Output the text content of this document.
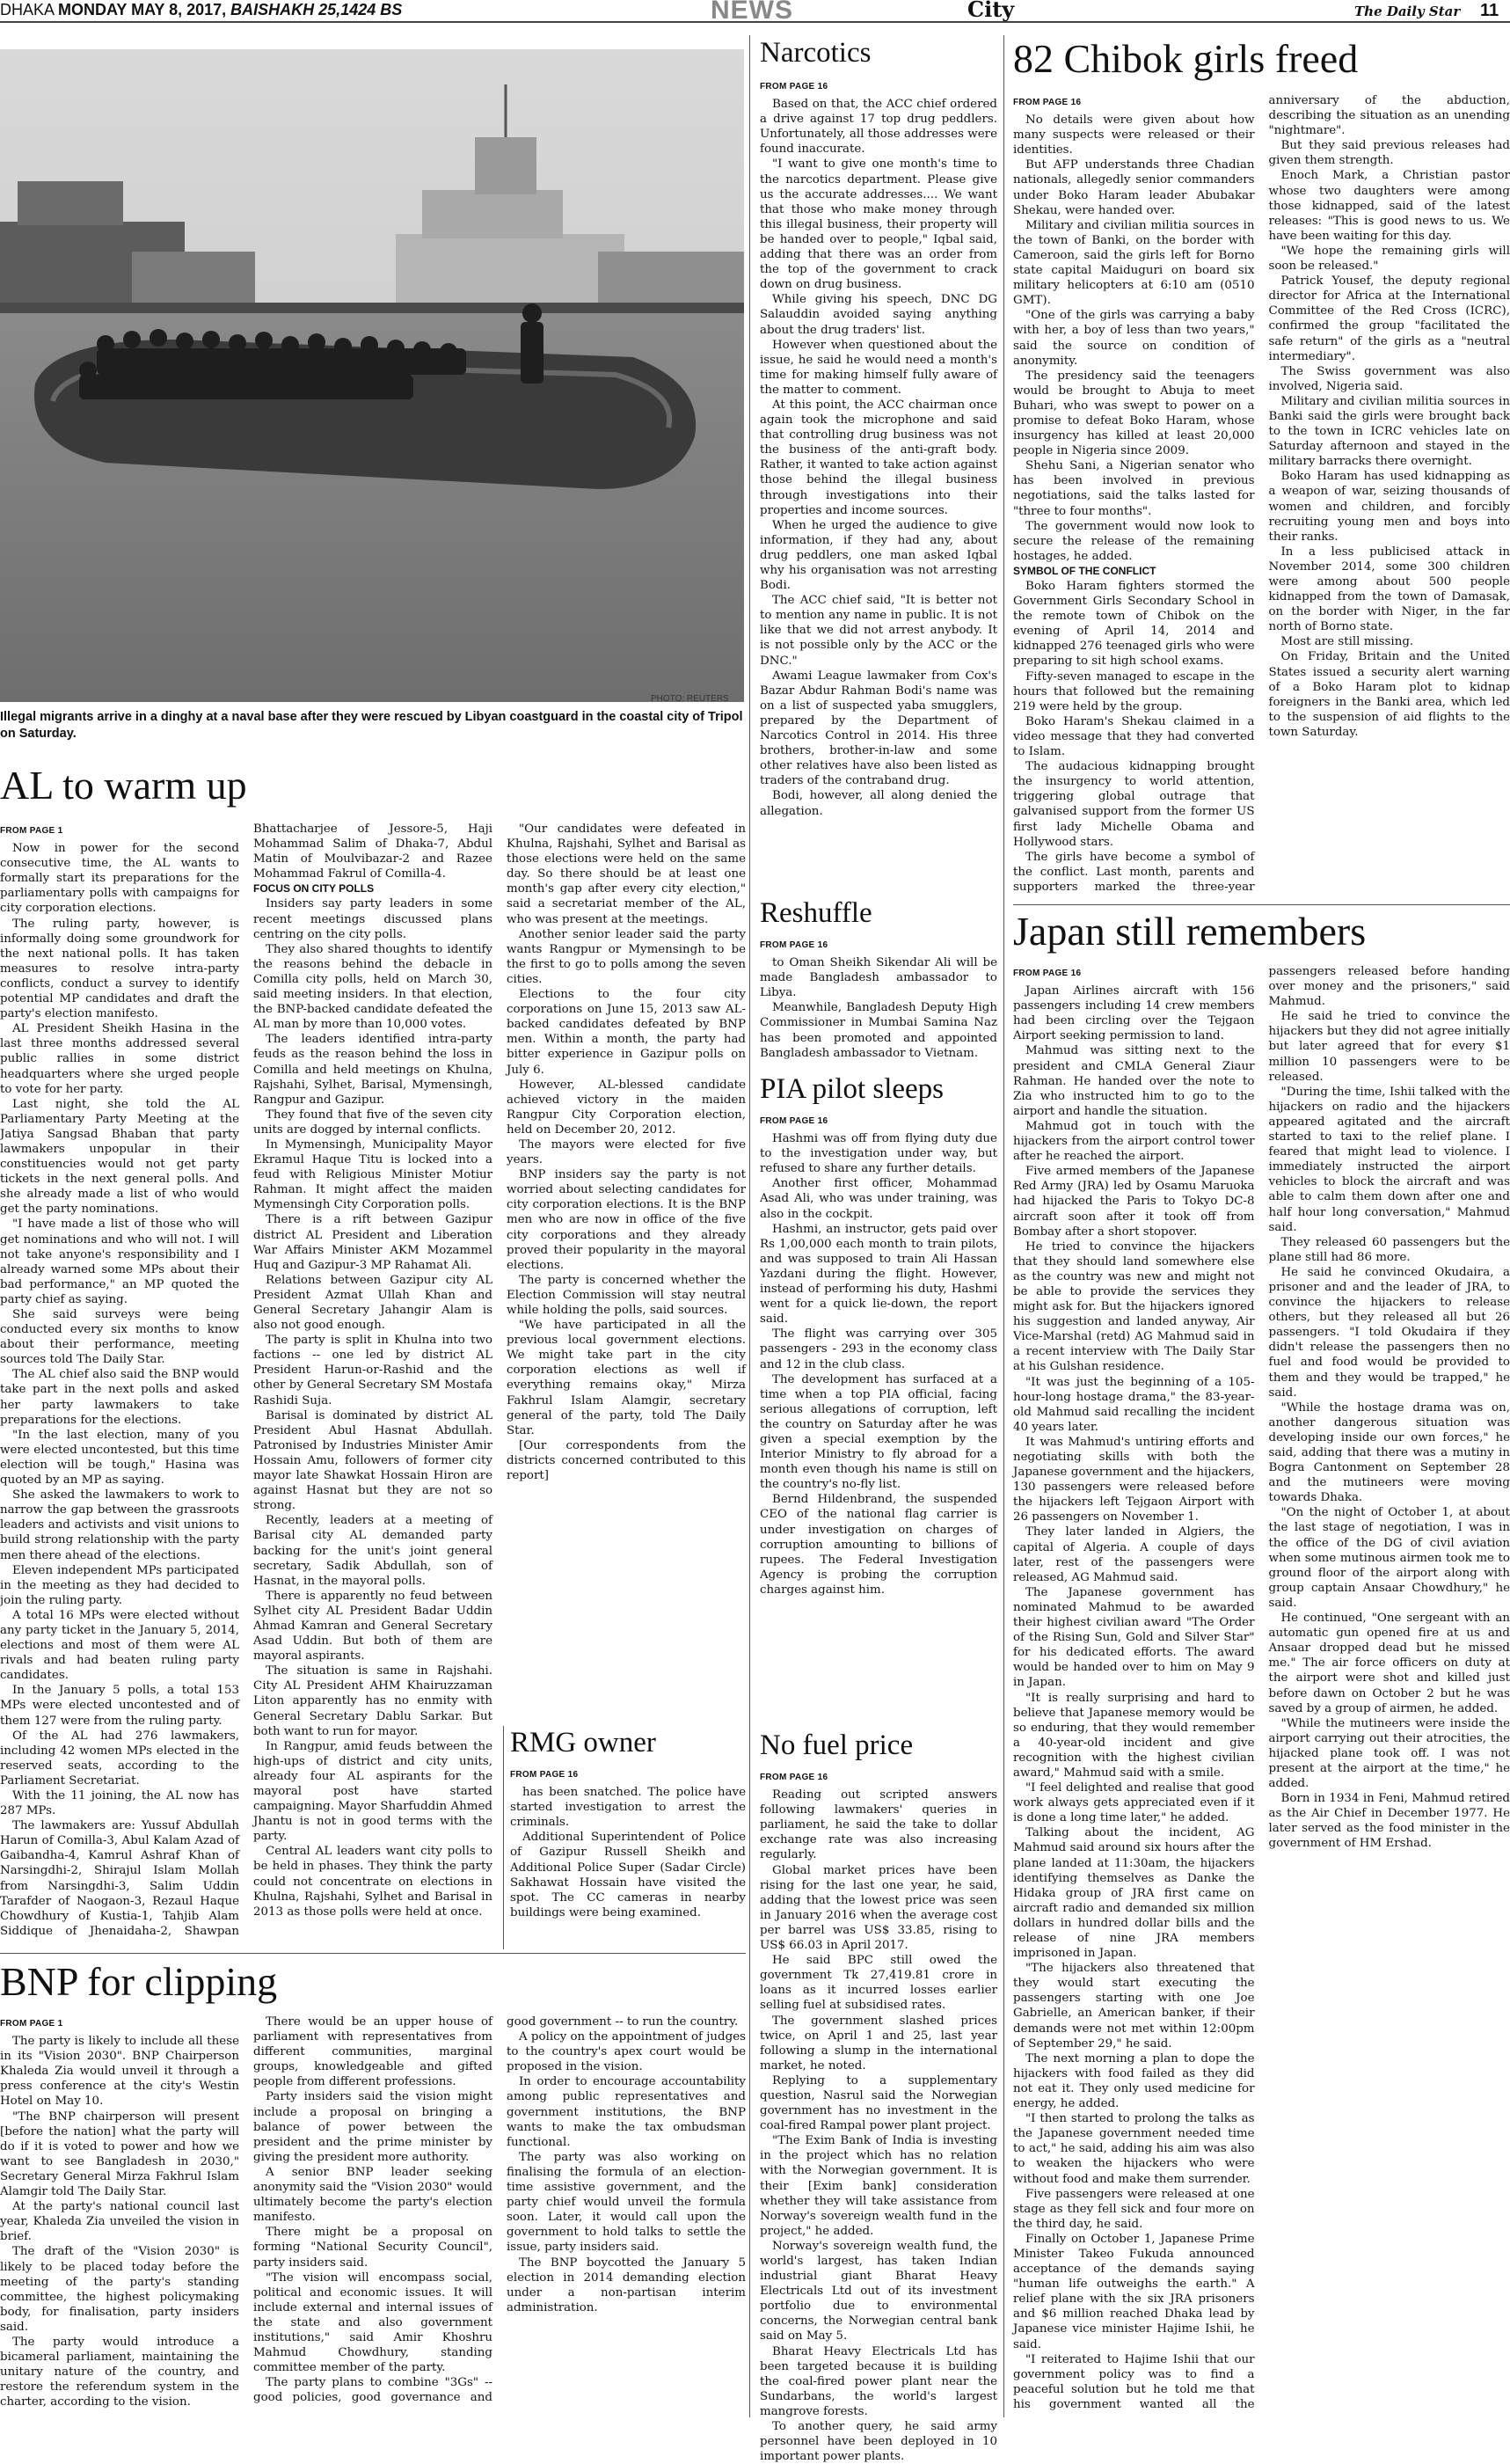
DHAKA MONDAY MAY 8, 2017, BAISHAKH 25,1424 BS	NEWS	City	The Daily Star 11
PHOTO: REUTERS
Illegal migrants arrive in a dinghy at a naval base after they were rescued by Libyan coastguard in the coastal city of Tripol on Saturday.
AL to warm up
FROM PAGE 1

Now in power for the second consecutive time, the AL wants to formally start its preparations for the parliamentary polls with campaigns for city corporation elections.

The ruling party, however, is informally doing some groundwork for the next national polls. It has taken measures to resolve intra-party conflicts, conduct a survey to identify potential MP candidates and draft the party's election manifesto.

AL President Sheikh Hasina in the last three months addressed several public rallies in some district headquarters where she urged people to vote for her party.

Last night, she told the AL Parliamentary Party Meeting at the Jatiya Sangsad Bhaban that party lawmakers unpopular in their constituencies would not get party tickets in the next general polls. And she already made a list of who would get the party nominations.

"I have made a list of those who will get nominations and who will not. I will not take anyone's responsibility and I already warned some MPs about their bad performance," an MP quoted the party chief as saying.

She said surveys were being conducted every six months to know about their performance, meeting sources told The Daily Star.

The AL chief also said the BNP would take part in the next polls and asked her party lawmakers to take preparations for the elections.

"In the last election, many of you were elected uncontested, but this time election will be tough," Hasina was quoted by an MP as saying.

She asked the lawmakers to work to narrow the gap between the grassroots leaders and activists and visit unions to build strong relationship with the party men there ahead of the elections.

Eleven independent MPs participated in the meeting as they had decided to join the ruling party.

A total 16 MPs were elected without any party ticket in the January 5, 2014, elections and most of them were AL rivals and had beaten ruling party candidates.

In the January 5 polls, a total 153 MPs were elected uncontested and of them 127 were from the ruling party.

Of the AL had 276 lawmakers, including 42 women MPs elected in the reserved seats, according to the Parliament Secretariat.

With the 11 joining, the AL now has 287 MPs.

The lawmakers are: Yussuf Abdullah Harun of Comilla-3, Abul Kalam Azad of Gaibandha-4, Kamrul Ashraf Khan of Narsingdhi-2, Shirajul Islam Mollah from Narsingdhi-3, Salim Uddin Tarafder of Naogaon-3, Rezaul Haque Chowdhury of Kustia-1, Tahjib Alam Siddique of Jhenaidaha-2, Shawpan Bhattacharjee of Jessore-5, Haji Mohammad Salim of Dhaka-7, Abdul Matin of Moulvibazar-2 and Razee Mohammad Fakrul of Comilla-4.

FOCUS ON CITY POLLS

Insiders say party leaders in some recent meetings discussed plans centring on the city polls.

They also shared thoughts to identify the reasons behind the debacle in Comilla city polls, held on March 30, said meeting insiders. In that election, the BNP-backed candidate defeated the AL man by more than 10,000 votes.

The leaders identified intra-party feuds as the reason behind the loss in Comilla and held meetings on Khulna, Rajshahi, Sylhet, Barisal, Mymensingh, Rangpur and Gazipur.

They found that five of the seven city units are dogged by internal conflicts.

In Mymensingh, Municipality Mayor Ekramul Haque Titu is locked into a feud with Religious Minister Motiur Rahman. It might affect the maiden Mymensingh City Corporation polls.

There is a rift between Gazipur district AL President and Liberation War Affairs Minister AKM Mozammel Huq and Gazipur-3 MP Rahamat Ali.

Relations between Gazipur city AL President Azmat Ullah Khan and General Secretary Jahangir Alam is also not good enough.

The party is split in Khulna into two factions -- one led by district AL President Harun-or-Rashid and the other by General Secretary SM Mostafa Rashidi Suja.

Barisal is dominated by district AL President Abul Hasnat Abdullah. Patronised by Industries Minister Amir Hossain Amu, followers of former city mayor late Shawkat Hossain Hiron are against Hasnat but they are not so strong.

Recently, leaders at a meeting of Barisal city AL demanded party backing for the unit's joint general secretary, Sadik Abdullah, son of Hasnat, in the mayoral polls.

There is apparently no feud between Sylhet city AL President Badar Uddin Ahmad Kamran and General Secretary Asad Uddin. But both of them are mayoral aspirants.

The situation is same in Rajshahi. City AL President AHM Khairuzzaman Liton apparently has no enmity with General Secretary Dablu Sarkar. But both want to run for mayor.

In Rangpur, amid feuds between the high-ups of district and city units, already four AL aspirants for the mayoral post have started campaigning. Mayor Sharfuddin Ahmed Jhantu is not in good terms with the party.

Central AL leaders want city polls to be held in phases. They think the party could not concentrate on elections in Khulna, Rajshahi, Sylhet and Barisal in 2013 as those polls were held at once.

"Our candidates were defeated in Khulna, Rajshahi, Sylhet and Barisal as those elections were held on the same day. So there should be at least one month's gap after every city election," said a secretariat member of the AL, who was present at the meetings.

Another senior leader said the party wants Rangpur or Mymensingh to be the first to go to polls among the seven cities.

Elections to the four city corporations on June 15, 2013 saw AL-backed candidates defeated by BNP men. Within a month, the party had bitter experience in Gazipur polls on July 6.

However, AL-blessed candidate achieved victory in the maiden Rangpur City Corporation election, held on December 20, 2012.

The mayors were elected for five years.

BNP insiders say the party is not worried about selecting candidates for city corporation elections. It is the BNP men who are now in office of the five city corporations and they already proved their popularity in the mayoral elections.

The party is concerned whether the Election Commission will stay neutral while holding the polls, said sources.

"We have participated in all the previous local government elections. We might take part in the city corporation elections as well if everything remains okay," Mirza Fakhrul Islam Alamgir, secretary general of the party, told The Daily Star.

[Our correspondents from the districts concerned contributed to this report]

BNP for clipping
FROM PAGE 1

The party is likely to include all these in its "Vision 2030". BNP Chairperson Khaleda Zia would unveil it through a press conference at the city's Westin Hotel on May 10.

"The BNP chairperson will present [before the nation] what the party will do if it is voted to power and how we want to see Bangladesh in 2030," Secretary General Mirza Fakhrul Islam Alamgir told The Daily Star.

At the party's national council last year, Khaleda Zia unveiled the vision in brief.

The draft of the "Vision 2030" is likely to be placed today before the meeting of the party's standing committee, the highest policymaking body, for finalisation, party insiders said.

The party would introduce a bicameral parliament, maintaining the unitary nature of the country, and restore the referendum system in the charter, according to the vision.

There would be an upper house of parliament with representatives from different communities, marginal groups, knowledgeable and gifted people from different professions.

Party insiders said the vision might include a proposal on bringing a balance of power between the president and the prime minister by giving the president more authority.

A senior BNP leader seeking anonymity said the "Vision 2030" would ultimately become the party's election manifesto.

There might be a proposal on forming "National Security Council", party insiders said.

"The vision will encompass social, political and economic issues. It will include external and internal issues of the state and also government institutions," said Amir Khoshru Mahmud Chowdhury, standing committee member of the party.

The party plans to combine "3Gs" -- good policies, good governance and good government -- to run the country.

A policy on the appointment of judges to the country's apex court would be proposed in the vision.

In order to encourage accountability among public representatives and government institutions, the BNP wants to make the tax ombudsman functional.

The party was also working on finalising the formula of an election-time assistive government, and the party chief would unveil the formula soon. Later, it would call upon the government to hold talks to settle the issue, party insiders said.

The BNP boycotted the January 5 election in 2014 demanding election under a non-partisan interim administration.

Narcotics
FROM PAGE 16

Based on that, the ACC chief ordered a drive against 17 top drug peddlers. Unfortunately, all those addresses were found inaccurate.

"I want to give one month's time to the narcotics department. Please give us the accurate addresses.... We want that those who make money through this illegal business, their property will be handed over to people," Iqbal said, adding that there was an order from the top of the government to crack down on drug business.

While giving his speech, DNC DG Salauddin avoided saying anything about the drug traders' list.

However when questioned about the issue, he said he would need a month's time for making himself fully aware of the matter to comment.

At this point, the ACC chairman once again took the microphone and said that controlling drug business was not the business of the anti-graft body. Rather, it wanted to take action against those behind the illegal business through investigations into their properties and income sources.

When he urged the audience to give information, if they had any, about drug peddlers, one man asked Iqbal why his organisation was not arresting Bodi.

The ACC chief said, "It is better not to mention any name in public. It is not like that we did not arrest anybody. It is not possible only by the ACC or the DNC."

Awami League lawmaker from Cox's Bazar Abdur Rahman Bodi's name was on a list of suspected yaba smugglers, prepared by the Department of Narcotics Control in 2014. His three brothers, brother-in-law and some other relatives have also been listed as traders of the contraband drug.

Bodi, however, all along denied the allegation.

Reshuffle
FROM PAGE 16

to Oman Sheikh Sikendar Ali will be made Bangladesh ambassador to Libya.

Meanwhile, Bangladesh Deputy High Commissioner in Mumbai Samina Naz has been promoted and appointed Bangladesh ambassador to Vietnam.

PIA pilot sleeps
FROM PAGE 16

Hashmi was off from flying duty due to the investigation under way, but refused to share any further details.

Another first officer, Mohammad Asad Ali, who was under training, was also in the cockpit.

Hashmi, an instructor, gets paid over Rs 1,00,000 each month to train pilots, and was supposed to train Ali Hassan Yazdani during the flight. However, instead of performing his duty, Hashmi went for a quick lie-down, the report said.

The flight was carrying over 305 passengers - 293 in the economy class and 12 in the club class.

The development has surfaced at a time when a top PIA official, facing serious allegations of corruption, left the country on Saturday after he was given a special exemption by the Interior Ministry to fly abroad for a month even though his name is still on the country's no-fly list.

Bernd Hildenbrand, the suspended CEO of the national flag carrier is under investigation on charges of corruption amounting to billions of rupees. The Federal Investigation Agency is probing the corruption charges against him.

No fuel price
FROM PAGE 16

Reading out scripted answers following lawmakers' queries in parliament, he said the take to dollar exchange rate was also increasing regularly.

Global market prices have been rising for the last one year, he said, adding that the lowest price was seen in January 2016 when the average cost per barrel was US$ 33.85, rising to US$ 66.03 in April 2017.

He said BPC still owed the government Tk 27,419.81 crore in loans as it incurred losses earlier selling fuel at subsidised rates.

The government slashed prices twice, on April 1 and 25, last year following a slump in the international market, he noted.

Replying to a supplementary question, Nasrul said the Norwegian government has no investment in the coal-fired Rampal power plant project.

"The Exim Bank of India is investing in the project which has no relation with the Norwegian government. It is their [Exim bank] consideration whether they will take assistance from Norway's sovereign wealth fund in the project," he added.

Norway's sovereign wealth fund, the world's largest, has taken Indian industrial giant Bharat Heavy Electricals Ltd out of its investment portfolio due to environmental concerns, the Norwegian central bank said on May 5.

Bharat Heavy Electricals Ltd has been targeted because it is building the coal-fired power plant near the Sundarbans, the world's largest mangrove forests.

To another query, he said army personnel have been deployed in 10 important power plants.

82 Chibok girls freed
FROM PAGE 16

No details were given about how many suspects were released or their identities.

But AFP understands three Chadian nationals, allegedly senior commanders under Boko Haram leader Abubakar Shekau, were handed over.

Military and civilian militia sources in the town of Banki, on the border with Cameroon, said the girls left for Borno state capital Maiduguri on board six military helicopters at 6:10 am (0510 GMT).

"One of the girls was carrying a baby with her, a boy of less than two years," said the source on condition of anonymity.

The presidency said the teenagers would be brought to Abuja to meet Buhari, who was swept to power on a promise to defeat Boko Haram, whose insurgency has killed at least 20,000 people in Nigeria since 2009.

Shehu Sani, a Nigerian senator who has been involved in previous negotiations, said the talks lasted for "three to four months".

The government would now look to secure the release of the remaining hostages, he added.

SYMBOL OF THE CONFLICT

Boko Haram fighters stormed the Government Girls Secondary School in the remote town of Chibok on the evening of April 14, 2014 and kidnapped 276 teenaged girls who were preparing to sit high school exams.

Fifty-seven managed to escape in the hours that followed but the remaining 219 were held by the group.

Boko Haram's Shekau claimed in a video message that they had converted to Islam.

The audacious kidnapping brought the insurgency to world attention, triggering global outrage that galvanised support from the former US first lady Michelle Obama and Hollywood stars.

The girls have become a symbol of the conflict. Last month, parents and supporters marked the three-year anniversary of the abduction, describing the situation as an unending "nightmare".

But they said previous releases had given them strength.

Enoch Mark, a Christian pastor whose two daughters were among those kidnapped, said of the latest releases: "This is good news to us. We have been waiting for this day.

"We hope the remaining girls will soon be released."

Patrick Yousef, the deputy regional director for Africa at the International Committee of the Red Cross (ICRC), confirmed the group "facilitated the safe return" of the girls as a "neutral intermediary".

The Swiss government was also involved, Nigeria said.

Military and civilian militia sources in Banki said the girls were brought back to the town in ICRC vehicles late on Saturday afternoon and stayed in the military barracks there overnight.

Boko Haram has used kidnapping as a weapon of war, seizing thousands of women and children, and forcibly recruiting young men and boys into their ranks.

In a less publicised attack in November 2014, some 300 children were among about 500 people kidnapped from the town of Damasak, on the border with Niger, in the far north of Borno state.

Most are still missing.

On Friday, Britain and the United States issued a security alert warning of a Boko Haram plot to kidnap foreigners in the Banki area, which led to the suspension of aid flights to the town Saturday.

Japan still remembers
FROM PAGE 16

Japan Airlines aircraft with 156 passengers including 14 crew members had been circling over the Tejgaon Airport seeking permission to land.

Mahmud was sitting next to the president and CMLA General Ziaur Rahman. He handed over the note to Zia who instructed him to go to the airport and handle the situation.

Mahmud got in touch with the hijackers from the airport control tower after he reached the airport.

Five armed members of the Japanese Red Army (JRA) led by Osamu Maruoka had hijacked the Paris to Tokyo DC-8 aircraft soon after it took off from Bombay after a short stopover.

He tried to convince the hijackers that they should land somewhere else as the country was new and might not be able to provide the services they might ask for. But the hijackers ignored his suggestion and landed anyway, Air Vice-Marshal (retd) AG Mahmud said in a recent interview with The Daily Star at his Gulshan residence.

"It was just the beginning of a 105-hour-long hostage drama," the 83-year-old Mahmud said recalling the incident 40 years later.

It was Mahmud's untiring efforts and negotiating skills with both the Japanese government and the hijackers, 130 passengers were released before the hijackers left Tejgaon Airport with 26 passengers on November 1.

They later landed in Algiers, the capital of Algeria. A couple of days later, rest of the passengers were released, AG Mahmud said.

The Japanese government has nominated Mahmud to be awarded their highest civilian award "The Order of the Rising Sun, Gold and Silver Star" for his dedicated efforts. The award would be handed over to him on May 9 in Japan.

"It is really surprising and hard to believe that Japanese memory would be so enduring, that they would remember a 40-year-old incident and give recognition with the highest civilian award," Mahmud said with a smile.

"I feel delighted and realise that good work always gets appreciated even if it is done a long time later," he added.

Talking about the incident, AG Mahmud said around six hours after the plane landed at 11:30am, the hijackers identifying themselves as Danke the Hidaka group of JRA first came on aircraft radio and demanded six million dollars in hundred dollar bills and the release of nine JRA members imprisoned in Japan.

"The hijackers also threatened that they would start executing the passengers starting with one Joe Gabrielle, an American banker, if their demands were not met within 12:00pm of September 29," he said.

The next morning a plan to dope the hijackers with food failed as they did not eat it. They only used medicine for energy, he added.

"I then started to prolong the talks as the Japanese government needed time to act," he said, adding his aim was also to weaken the hijackers who were without food and make them surrender.

Five passengers were released at one stage as they fell sick and four more on the third day, he said.

Finally on October 1, Japanese Prime Minister Takeo Fukuda announced acceptance of the demands saying "human life outweighs the earth." A relief plane with the six JRA prisoners and $6 million reached Dhaka lead by Japanese vice minister Hajime Ishii, he said.

"I reiterated to Hajime Ishii that our government policy was to find a peaceful solution but he told me that his government wanted all the passengers released before handing over money and the prisoners," said Mahmud.

He said he tried to convince the hijackers but they did not agree initially but later agreed that for every $1 million 10 passengers were to be released.

"During the time, Ishii talked with the hijackers on radio and the hijackers appeared agitated and the aircraft started to taxi to the relief plane. I feared that might lead to violence. I immediately instructed the airport vehicles to block the aircraft and was able to calm them down after one and half hour long conversation," Mahmud said.

They released 60 passengers but the plane still had 86 more.

He said he convinced Okudaira, a prisoner and and the leader of JRA, to convince the hijackers to release others, but they released all but 26 passengers. "I told Okudaira if they didn't release the passengers then no fuel and food would be provided to them and they would be trapped," he said.

"While the hostage drama was on, another dangerous situation was developing inside our own forces," he said, adding that there was a mutiny in Bogra Cantonment on September 28 and the mutineers were moving towards Dhaka.

"On the night of October 1, at about the last stage of negotiation, I was in the office of the DG of civil aviation when some mutinous airmen took me to ground floor of the airport along with group captain Ansaar Chowdhury," he said.

He continued, "One sergeant with an automatic gun opened fire at us and Ansaar dropped dead but he missed me." The air force officers on duty at the airport were shot and killed just before dawn on October 2 but he was saved by a group of airmen, he added.

"While the mutineers were inside the airport carrying out their atrocities, the hijacked plane took off. I was not present at the airport at the time," he added.

Born in 1934 in Feni, Mahmud retired as the Air Chief in December 1977. He later served as the food minister in the government of HM Ershad.

FROM PAGE 16

has been snatched. The police have started investigation to arrest the criminals.

Additional Superintendent of Police of Gazipur Russell Sheikh and Additional Police Super (Sadar Circle) Sakhawat Hossain have visited the spot. The CC cameras in nearby buildings were being examined.

RMG owner
